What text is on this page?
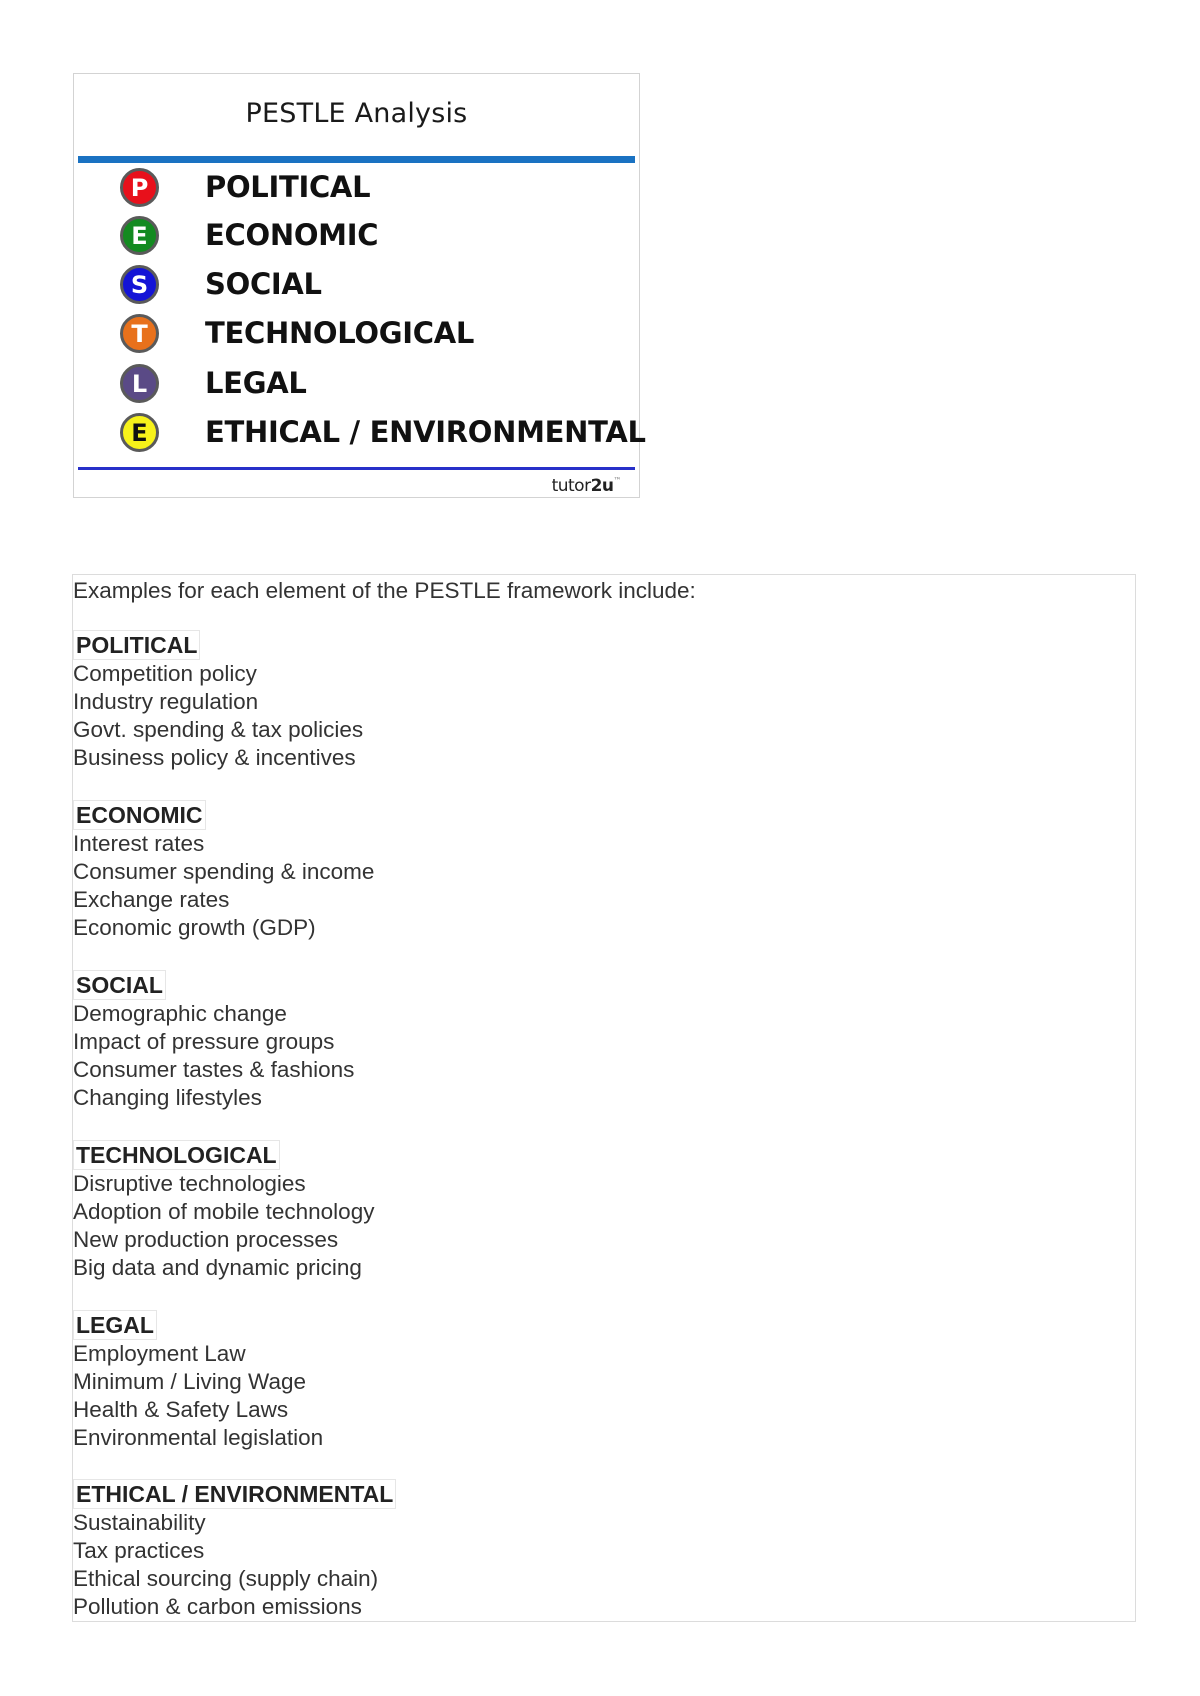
PESTLE Analysis
P	POLITICAL
E	ECONOMIC
S	SOCIAL
T	TECHNOLOGICAL
L	LEGAL
E	ETHICAL / ENVIRONMENTAL
tutor2u™
Examples for each element of the PESTLE framework include:
POLITICAL
Competition policy
Industry regulation
Govt. spending & tax policies
Business policy & incentives
ECONOMIC
Interest rates
Consumer spending & income
Exchange rates
Economic growth (GDP)
SOCIAL
Demographic change
Impact of pressure groups
Consumer tastes & fashions
Changing lifestyles
TECHNOLOGICAL
Disruptive technologies
Adoption of mobile technology
New production processes
Big data and dynamic pricing
LEGAL
Employment Law
Minimum / Living Wage
Health & Safety Laws
Environmental legislation
ETHICAL / ENVIRONMENTAL
Sustainability
Tax practices
Ethical sourcing (supply chain)
Pollution & carbon emissions
